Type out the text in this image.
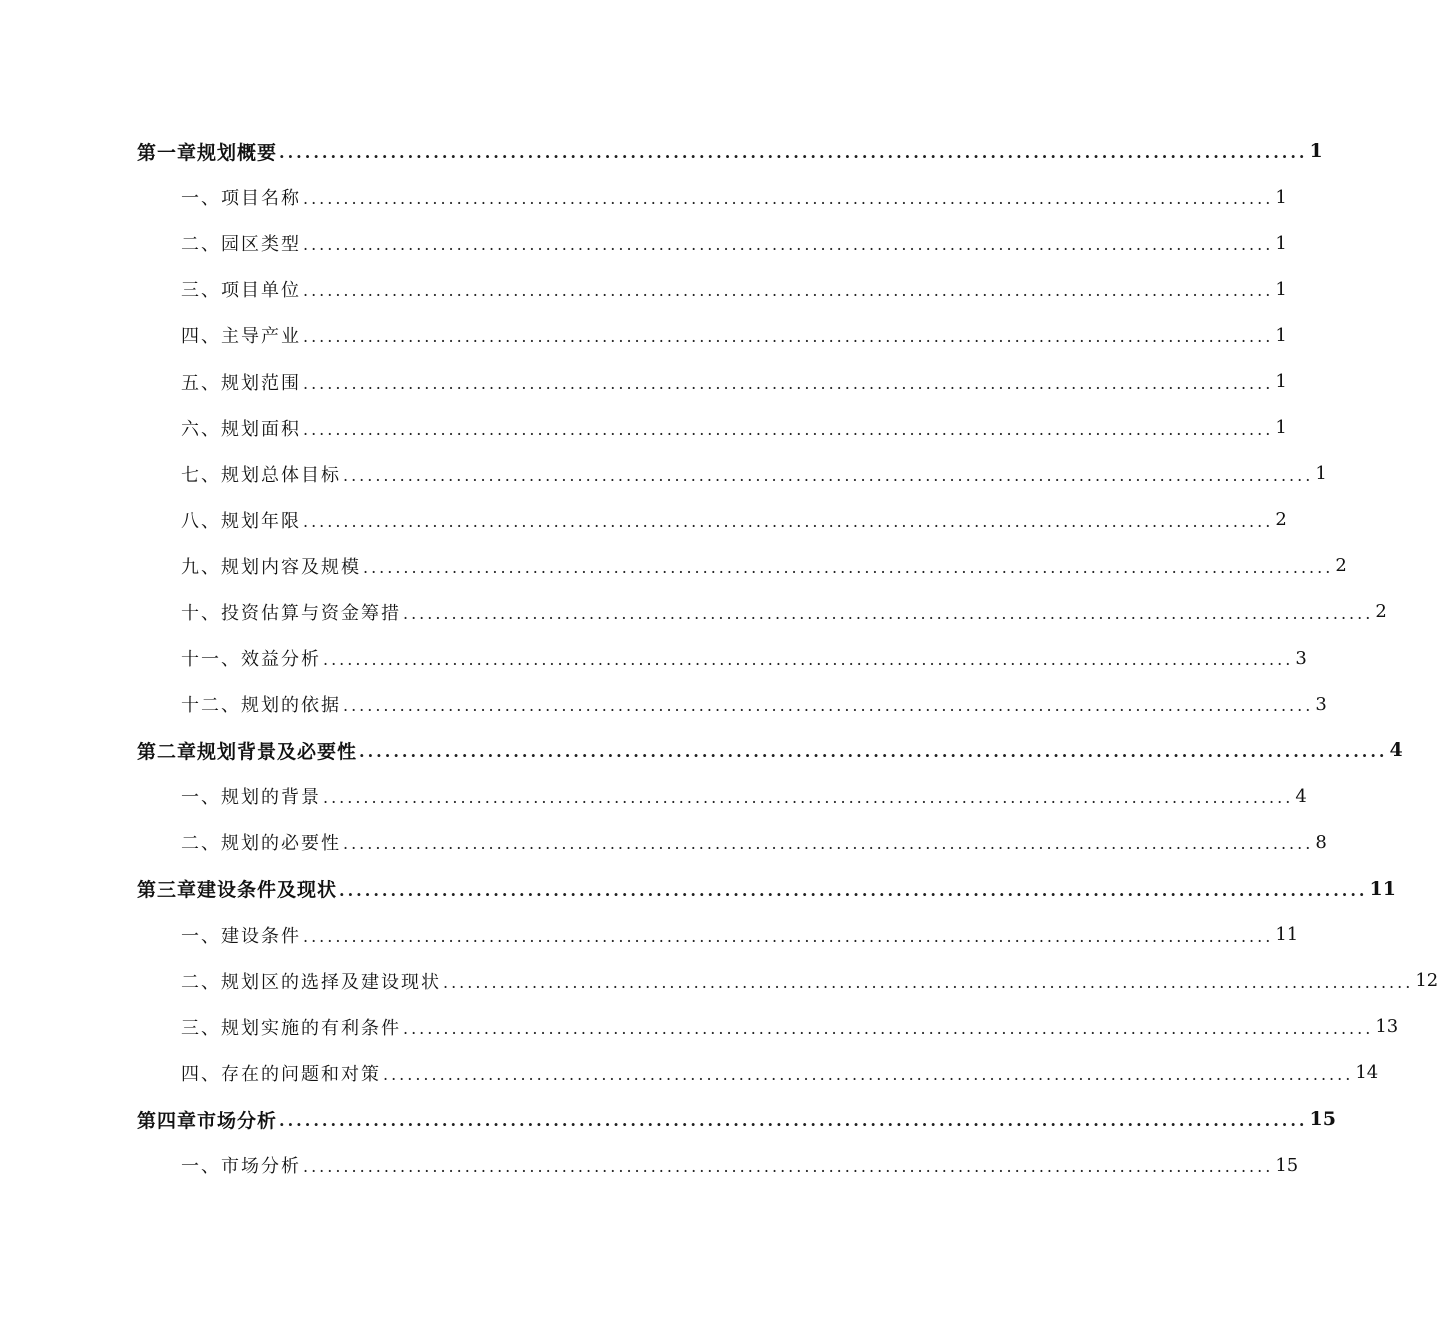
第一章 规划概要 ........................................................................................................................ 1
一、 项目名称 ........................................................................................................................ 1
二、 园区类型 ........................................................................................................................ 1
三、 项目单位 ........................................................................................................................ 1
四、 主导产业 ........................................................................................................................ 1
五、 规划范围 ........................................................................................................................ 1
六、 规划面积 ........................................................................................................................ 1
七、 规划总体目标 ........................................................................................................................ 1
八、 规划年限 ........................................................................................................................ 2
九、 规划内容及规模 ........................................................................................................................ 2
十、 投资估算与资金筹措 ........................................................................................................................ 2
十一、 效益分析 ........................................................................................................................ 3
十二、 规划的依据 ........................................................................................................................ 3
第二章 规划背景及必要性 ........................................................................................................................ 4
一、 规划的背景 ........................................................................................................................ 4
二、 规划的必要性 ........................................................................................................................ 8
第三章 建设条件及现状 ........................................................................................................................ 11
一、 建设条件 ........................................................................................................................ 11
二、 规划区的选择及建设现状 ........................................................................................................................ 12
三、 规划实施的有利条件 ........................................................................................................................ 13
四、 存在的问题和对策 ........................................................................................................................ 14
第四章 市场分析 ........................................................................................................................ 15
一、 市场分析 ........................................................................................................................ 15
